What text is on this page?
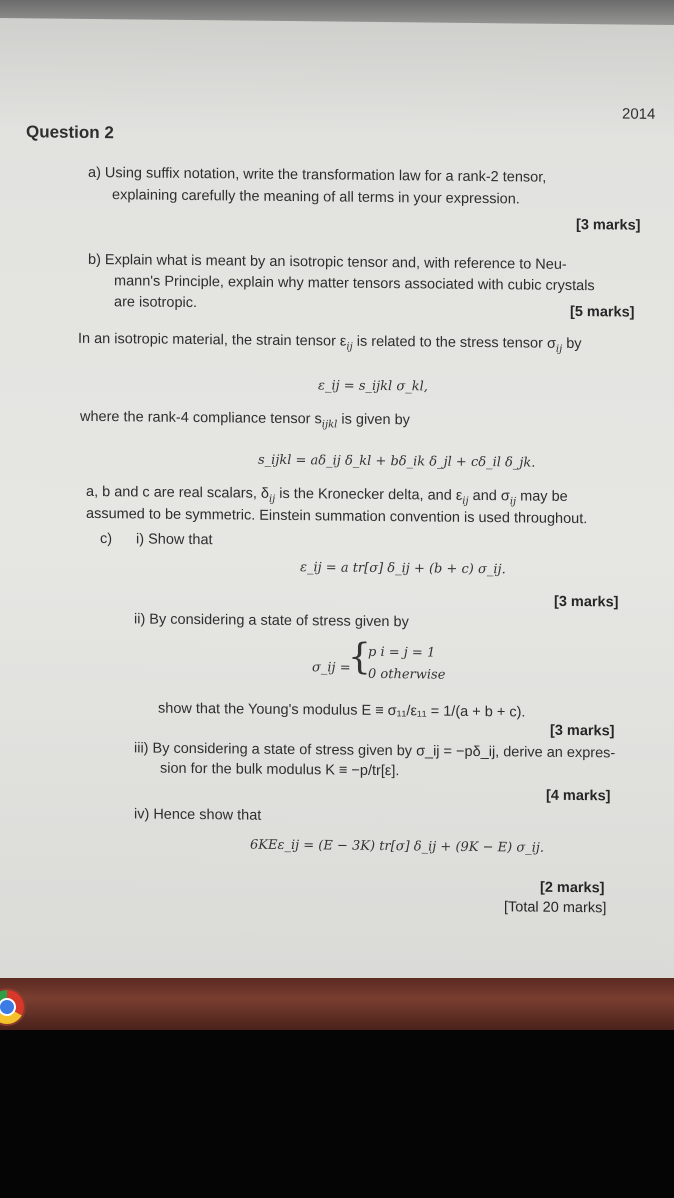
2014
Question 2
a) Using suffix notation, write the transformation law for a rank-2 tensor,
explaining carefully the meaning of all terms in your expression.
[3 marks]
b) Explain what is meant by an isotropic tensor and, with reference to Neu-
mann's Principle, explain why matter tensors associated with cubic crystals
are isotropic.
[5 marks]
In an isotropic material, the strain tensor $\varepsilon_{ij}$ is related to the stress tensor $\sigma_{ij}$ by
ε_ij = s_ijkl σ_kl,
where the rank-4 compliance tensor $s_{ijkl}$ is given by
s_ijkl = aδ_ij δ_kl + bδ_ik δ_jl + cδ_il δ_jk.
a, b and c are real scalars, $\delta_{ij}$ is the Kronecker delta, and $\varepsilon_{ij}$ and $\sigma_{ij}$ may be
assumed to be symmetric. Einstein summation convention is used throughout.
c) i) Show that
ε_ij = a tr[σ] δ_ij + (b + c) σ_ij.
[3 marks]
ii) By considering a state of stress given by
σ_ij =
{
p i = j = 1
0 otherwise
show that the Young's modulus E ≡ σ₁₁/ε₁₁ = 1/(a + b + c).
[3 marks]
iii) By considering a state of stress given by σ_ij = −pδ_ij, derive an expres-
sion for the bulk modulus K ≡ −p/tr[ε].
[4 marks]
iv) Hence show that
6KEε_ij = (E − 3K) tr[σ] δ_ij + (9K − E) σ_ij.
[2 marks]
[Total 20 marks]
